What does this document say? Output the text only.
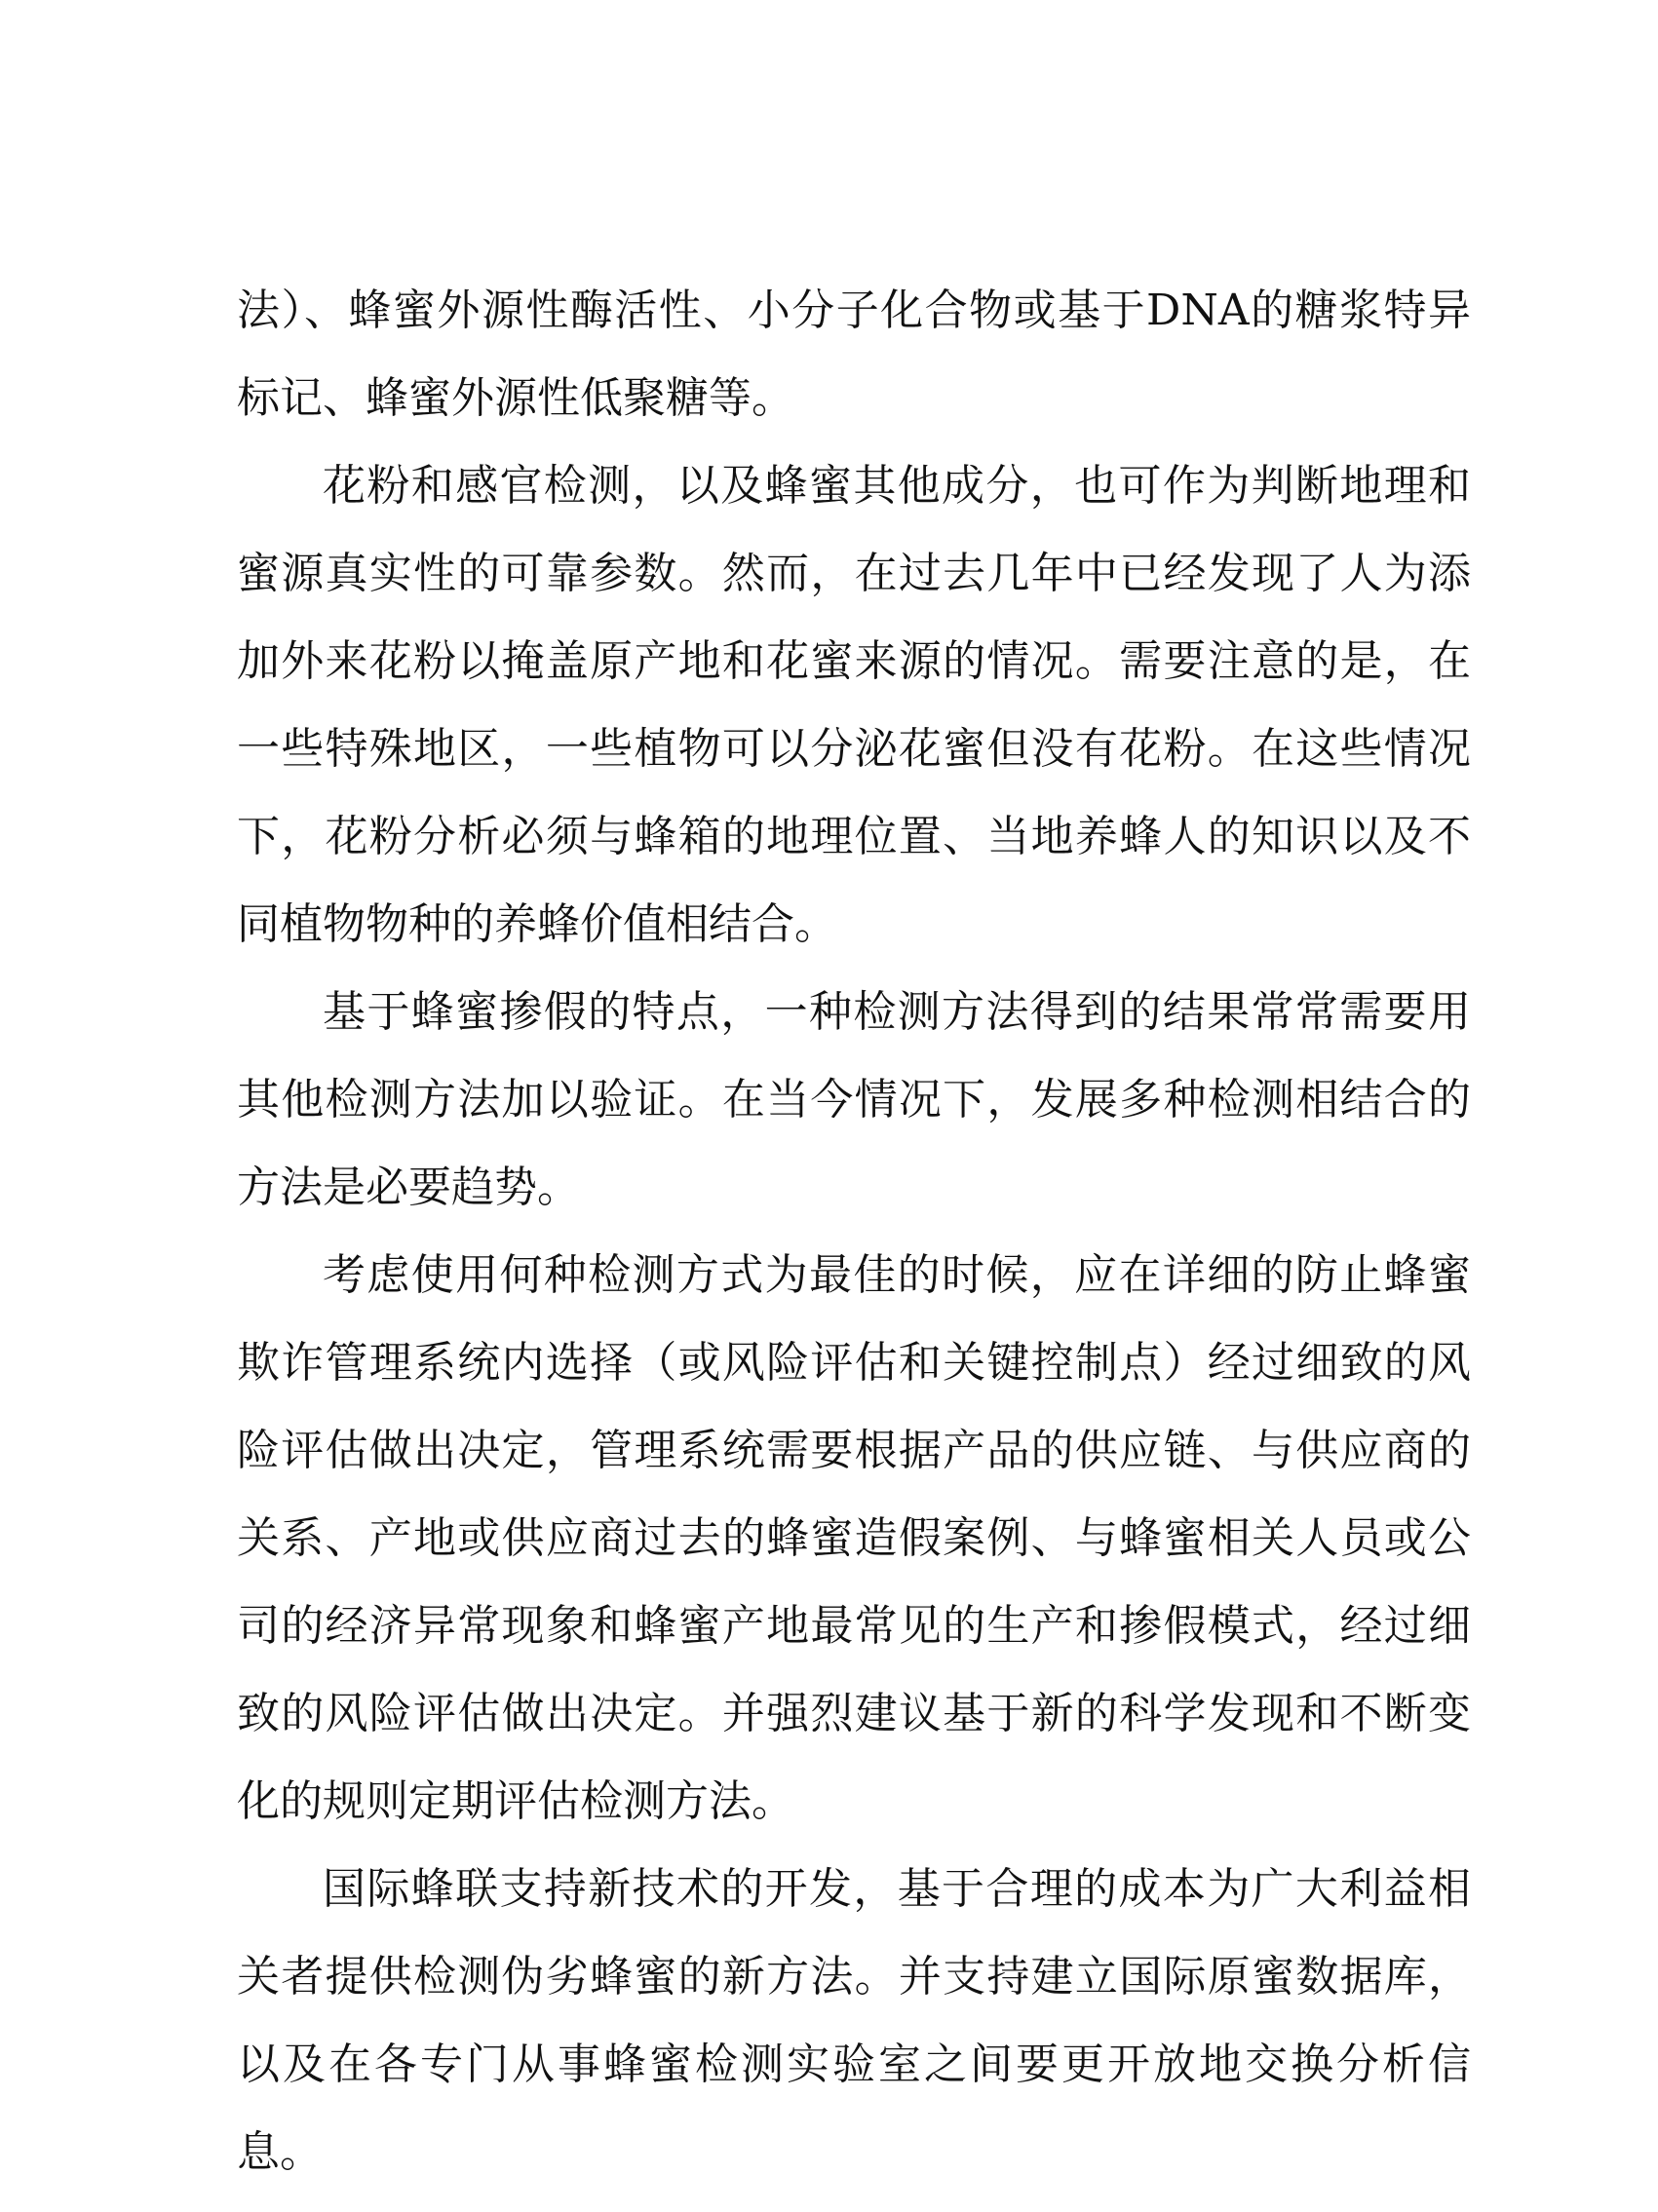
法）、蜂蜜外源性酶活性、小分子化合物或基于DNA的糖浆特异标记、蜂蜜外源性低聚糖等。

花粉和感官检测，以及蜂蜜其他成分，也可作为判断地理和蜜源真实性的可靠参数。然而，在过去几年中已经发现了人为添加外来花粉以掩盖原产地和花蜜来源的情况。需要注意的是，在一些特殊地区，一些植物可以分泌花蜜但没有花粉。在这些情况下，花粉分析必须与蜂箱的地理位置、当地养蜂人的知识以及不同植物物种的养蜂价值相结合。

基于蜂蜜掺假的特点，一种检测方法得到的结果常常需要用其他检测方法加以验证。在当今情况下，发展多种检测相结合的方法是必要趋势。

考虑使用何种检测方式为最佳的时候，应在详细的防止蜂蜜欺诈管理系统内选择（或风险评估和关键控制点）经过细致的风险评估做出决定，管理系统需要根据产品的供应链、与供应商的关系、产地或供应商过去的蜂蜜造假案例、与蜂蜜相关人员或公司的经济异常现象和蜂蜜产地最常见的生产和掺假模式，经过细致的风险评估做出决定。并强烈建议基于新的科学发现和不断变化的规则定期评估检测方法。

国际蜂联支持新技术的开发，基于合理的成本为广大利益相关者提供检测伪劣蜂蜜的新方法。并支持建立国际原蜜数据库，以及在各专门从事蜂蜜检测实验室之间要更开放地交换分析信息。
